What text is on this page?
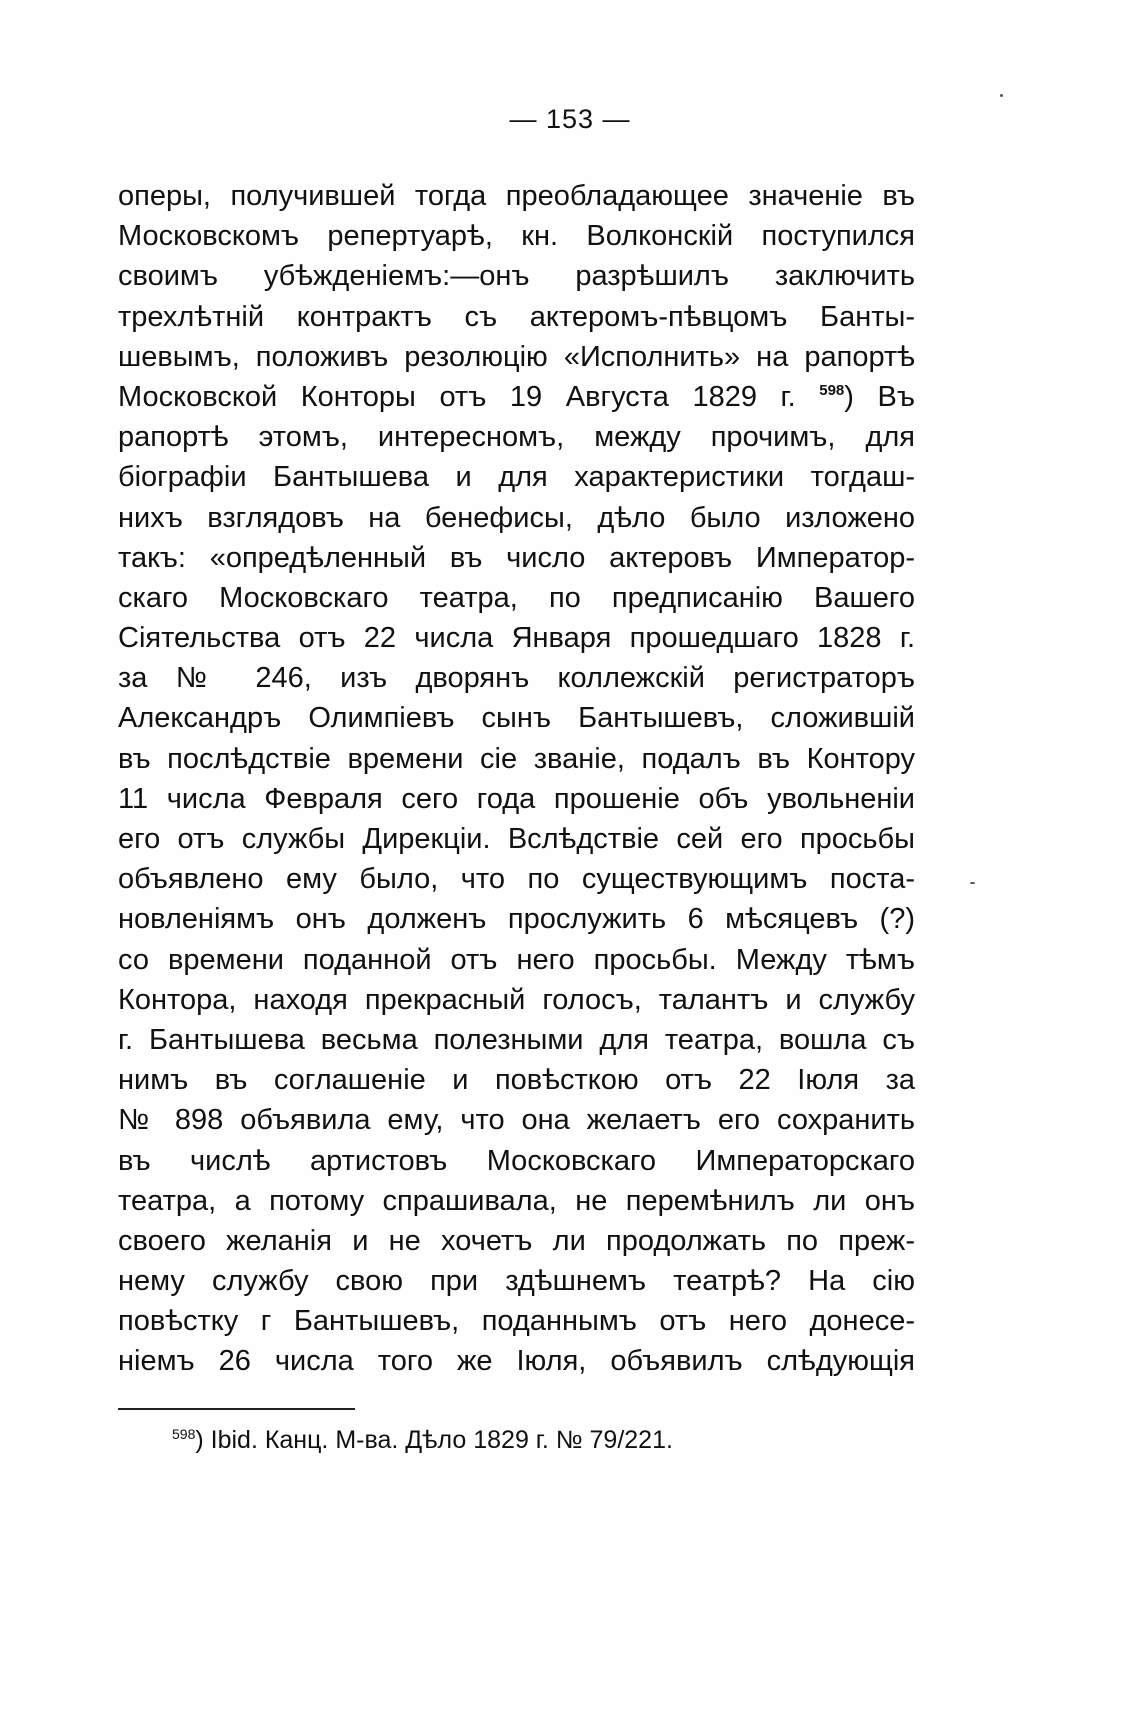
— 153 —
оперы, получившей тогда преобладающее значеніе въ
Московскомъ репертуарѣ, кн. Волконскій поступился
своимъ убѣжденіемъ:—онъ разрѣшилъ заключить
трехлѣтній контрактъ съ актеромъ-пѣвцомъ Банты-
шевымъ, положивъ резолюцію «Исполнить» на рапортѣ
Московской Конторы отъ 19 Августа 1829 г. $^{598}$) Въ
рапортѣ этомъ, интересномъ, между прочимъ, для
біографіи Бантышева и для характеристики тогдаш-
нихъ взглядовъ на бенефисы, дѣло было изложено
такъ: «опредѣленный въ число актеровъ Император-
скаго Московскаго театра, по предписанію Вашего
Сіятельства отъ 22 числа Января прошедшаго 1828 г.
за № 246, изъ дворянъ коллежскій регистраторъ
Александръ Олимпіевъ сынъ Бантышевъ, сложившій
въ послѣдствіе времени сіе званіе, подалъ въ Контору
11 числа Февраля сего года прошеніе объ увольненіи
его отъ службы Дирекціи. Вслѣдствіе сей его просьбы
объявлено ему было, что по существующимъ поста-
новленіямъ онъ долженъ прослужить 6 мѣсяцевъ (?)
со времени поданной отъ него просьбы. Между тѣмъ
Контора, находя прекрасный голосъ, талантъ и службу
г. Бантышева весьма полезными для театра, вошла съ
нимъ въ соглашеніе и повѣсткою отъ 22 Іюля за
№ 898 объявила ему, что она желаетъ его сохранить
въ числѣ артистовъ Московскаго Императорскаго
театра, а потому спрашивала, не перемѣнилъ ли онъ
своего желанія и не хочетъ ли продолжать по преж-
нему службу свою при здѣшнемъ театрѣ? На сію
повѣстку г Бантышевъ, поданнымъ отъ него донесе-
ніемъ 26 числа того же Іюля, объявилъ слѣдующія
$^{598}$) Ibid. Канц. М-ва. Дѣло 1829 г. № 79/221.
